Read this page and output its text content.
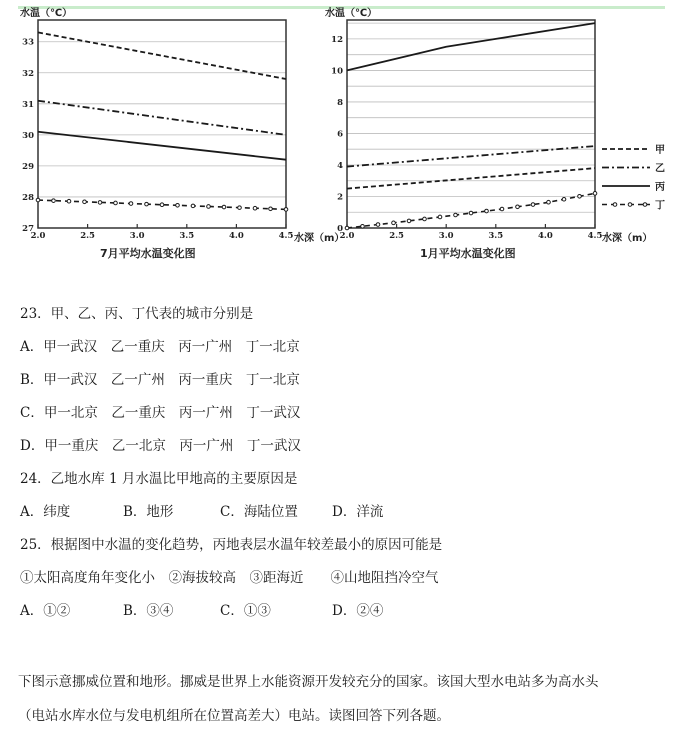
水温（℃）
7月平均水温变化图
水深（m）
27
28
29
30
31
32
33
2.0	2.5	3.0	3.5	4.0	4.5
水温（℃）
1月平均水温变化图
水深（m）
0
2
4
6
8
10
12
2.0	2.5	3.0	3.5	4.0	4.5
甲
乙
丙
丁
23．甲、乙、丙、丁代表的城市分别是
A．甲一武汉　乙一重庆　丙一广州　丁一北京
B．甲一武汉　乙一广州　丙一重庆　丁一北京
C．甲一北京　乙一重庆　丙一广州　丁一武汉
D．甲一重庆　乙一北京　丙一广州　丁一武汉
24．乙地水库 1 月水温比甲地高的主要原因是
A．纬度	B．地形	C．海陆位置	D．洋流
25．根据图中水温的变化趋势，丙地表层水温年较差最小的原因可能是
①太阳高度角年变化小　②海拔较高　③距海近　　④山地阻挡冷空气
A．①②	B．③④	C．①③	D．②④
下图示意挪威位置和地形。挪威是世界上水能资源开发较充分的国家。该国大型水电站多为高水头
（电站水库水位与发电机组所在位置高差大）电站。读图回答下列各题。
